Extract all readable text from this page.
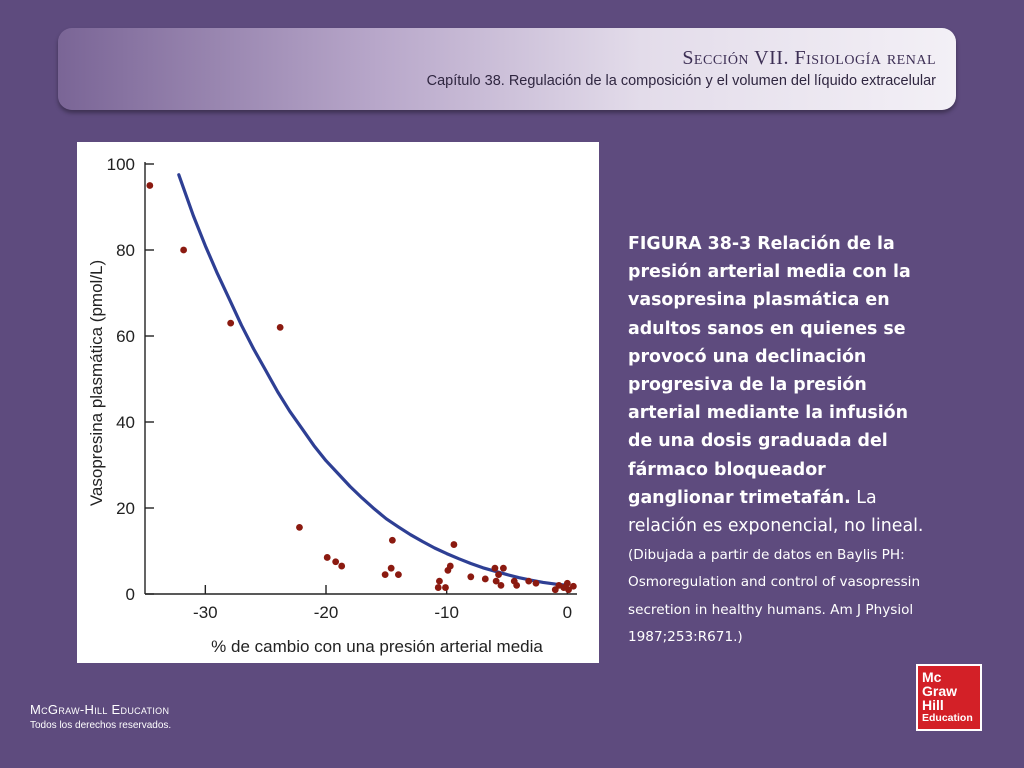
Sección VII. Fisiología renal
Capítulo 38. Regulación de la composición y el volumen del líquido extracelular
0
20
40
60
80
100
-30	-20	-10	0
% de cambio con una presión arterial media
Vasopresina plasmática (pmol/L)
FIGURA 38-3 Relación de la presión arterial media con la vasopresina plasmática en adultos sanos en quienes se provocó una declinación progresiva de la presión arterial mediante la infusión de una dosis graduada del fármaco bloqueador ganglionar trimetafán. La relación es exponencial, no lineal. (Dibujada a partir de datos en Baylis PH: Osmoregulation and control of vasopressin secretion in healthy humans. Am J Physiol 1987;253:R671.)
McGraw-Hill Education
Todos los derechos reservados.
Mc
Graw
Hill
Education
